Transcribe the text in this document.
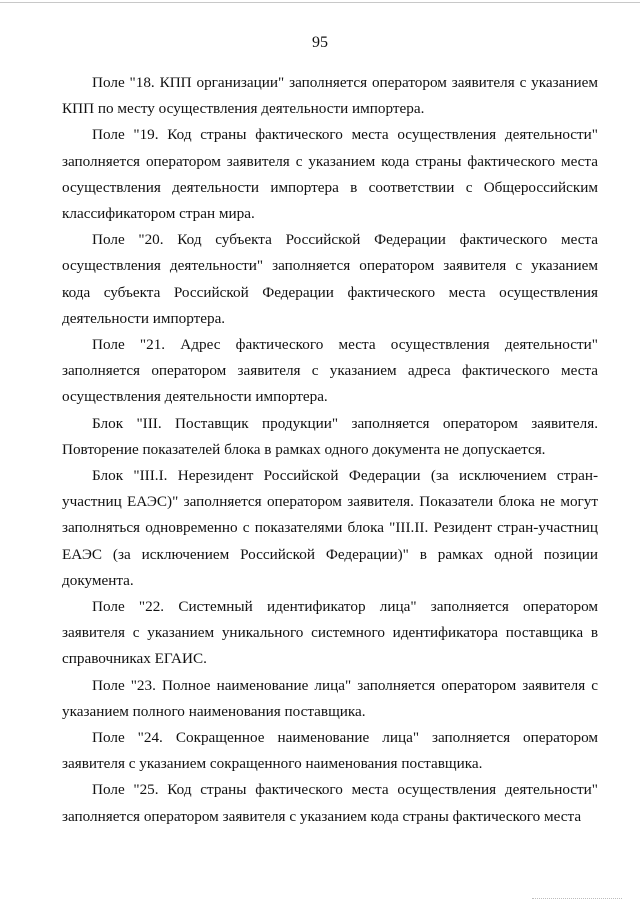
95

Поле "18. КПП организации" заполняется оператором заявителя с указанием КПП по месту осуществления деятельности импортера.

Поле "19. Код страны фактического места осуществления деятельности" заполняется оператором заявителя с указанием кода страны фактического места осуществления деятельности импортера в соответствии с Общероссийским классификатором стран мира.

Поле "20. Код субъекта Российской Федерации фактического места осуществления деятельности" заполняется оператором заявителя с указанием кода субъекта Российской Федерации фактического места осуществления деятельности импортера.

Поле "21. Адрес фактического места осуществления деятельности" заполняется оператором заявителя с указанием адреса фактического места осуществления деятельности импортера.

Блок "III. Поставщик продукции" заполняется оператором заявителя. Повторение показателей блока в рамках одного документа не допускается.

Блок "III.I. Нерезидент Российской Федерации (за исключением стран-участниц ЕАЭС)" заполняется оператором заявителя. Показатели блока не могут заполняться одновременно с показателями блока "III.II. Резидент стран-участниц ЕАЭС (за исключением Российской Федерации)" в рамках одной позиции документа.

Поле "22. Системный идентификатор лица" заполняется оператором заявителя с указанием уникального системного идентификатора поставщика в справочниках ЕГАИС.

Поле "23. Полное наименование лица" заполняется оператором заявителя с указанием полного наименования поставщика.

Поле "24. Сокращенное наименование лица" заполняется оператором заявителя с указанием сокращенного наименования поставщика.

Поле "25. Код страны фактического места осуществления деятельности" заполняется оператором заявителя с указанием кода страны фактического места
